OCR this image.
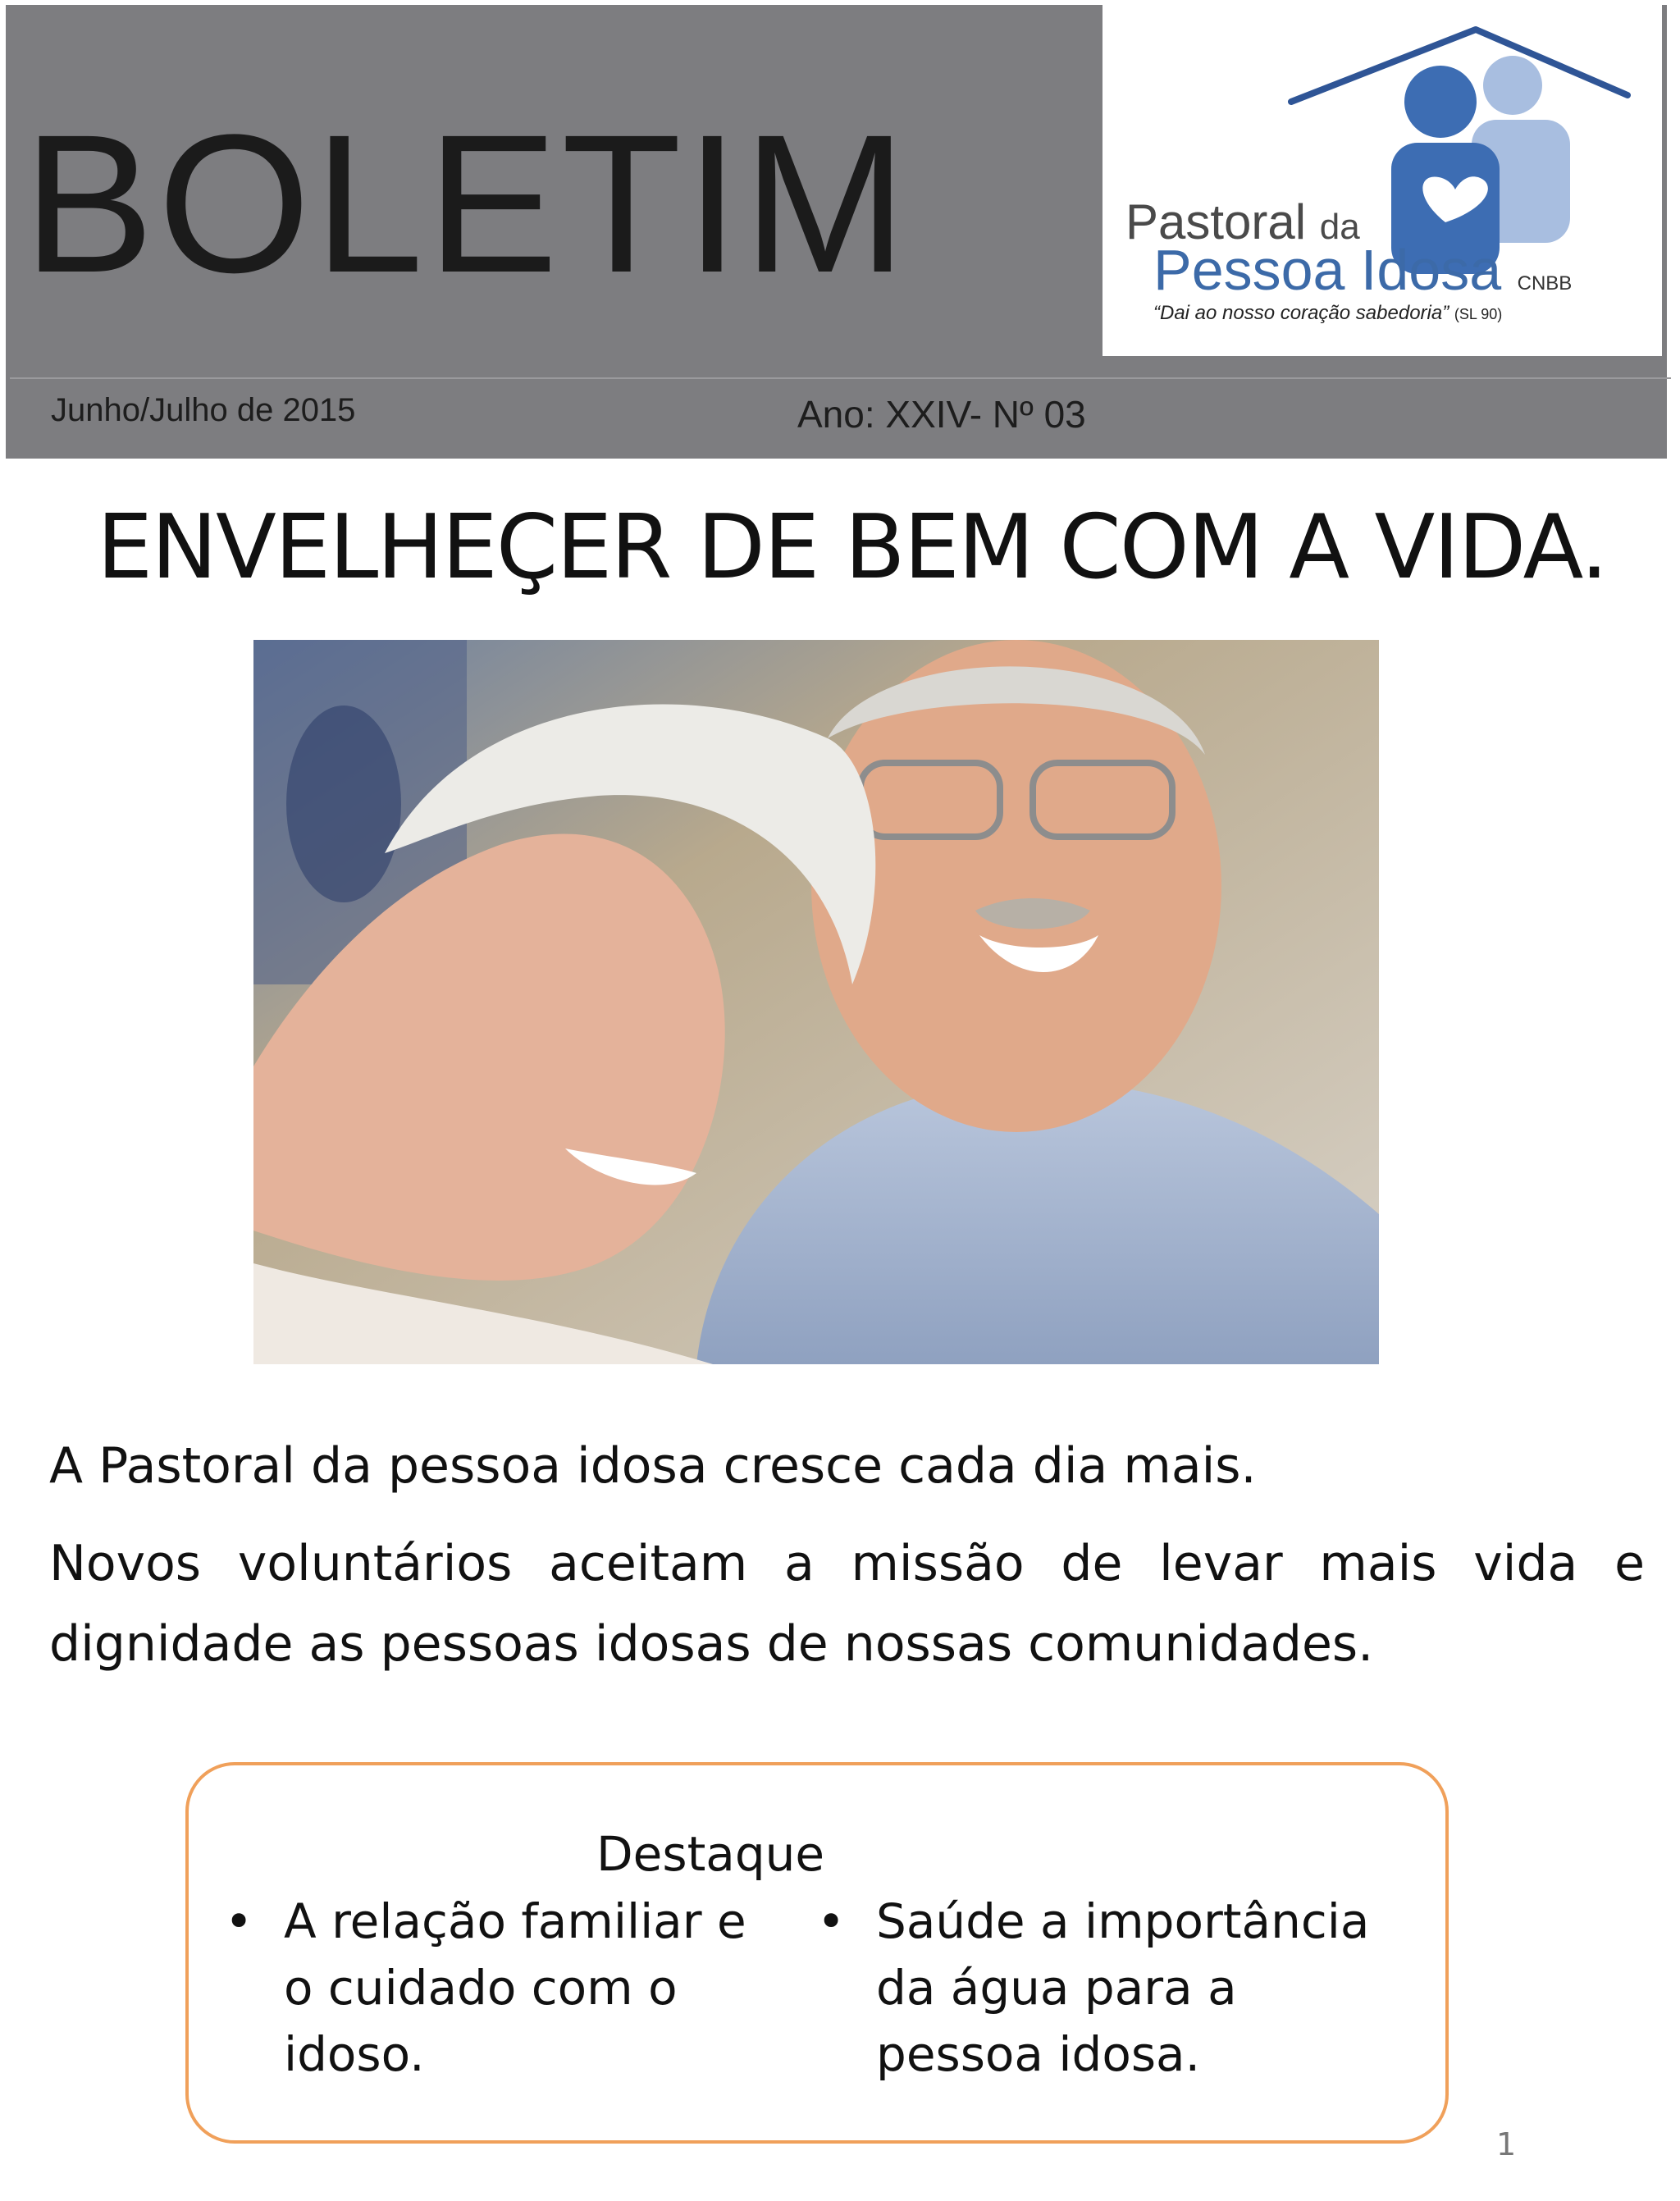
BOLETIM
Junho/Julho de 2015	Ano: XXIV- Nº 03
Pastoral da
Pessoa Idosa CNBB
“Dai ao nosso coração sabedoria” (SL 90)
ENVELHEÇER DE BEM COM A VIDA.
A Pastoral da pessoa idosa cresce cada dia mais.
Novos voluntários aceitam a missão de levar mais vida e dignidade as pessoas idosas de nossas comunidades.
Destaque
• A relação familiar e o cuidado com o idoso.
• Saúde a importância da água para a pessoa idosa.
1
